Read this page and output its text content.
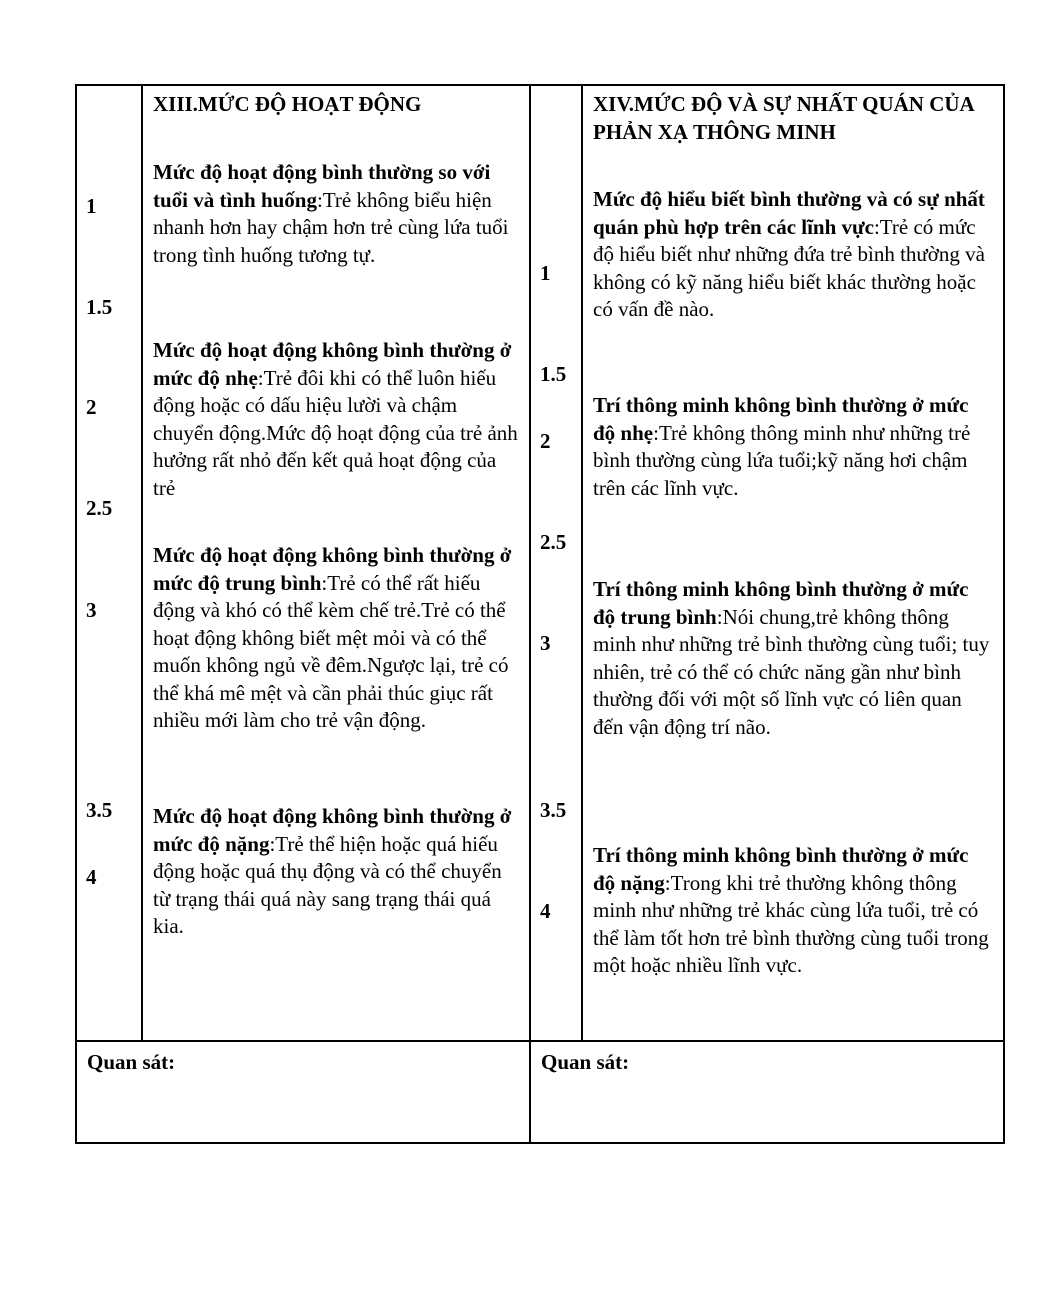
XIII.MỨC ĐỘ HOẠT ĐỘNG
1
1.5
2
2.5
3
3.5
4

Mức độ hoạt động bình thường so với tuổi và tình huống:Trẻ không biểu hiện nhanh hơn hay chậm hơn trẻ cùng lứa tuổi trong tình huống tương tự.

Mức độ hoạt động không bình thường ở mức độ nhẹ:Trẻ đôi khi có thể luôn hiếu động hoặc có dấu hiệu lười và chậm chuyển động.Mức độ hoạt động của trẻ ảnh hưởng rất nhỏ đến kết quả hoạt động của trẻ

Mức độ hoạt động không bình thường ở mức độ trung bình:Trẻ có thể rất hiếu động và khó có thể kèm chế trẻ.Trẻ có thể hoạt động không biết mệt mỏi và có thể muốn không ngủ về đêm.Ngược lại, trẻ có thể khá mê mệt và cần phải thúc giục rất nhiều mới làm cho trẻ vận động.

Mức độ hoạt động không bình thường ở mức độ nặng:Trẻ thể hiện hoặc quá hiếu động hoặc quá thụ động và có thể chuyển từ trạng thái quá này sang trạng thái quá kia.

Quan sát:
XIV.MỨC ĐỘ VÀ SỰ NHẤT QUÁN CỦA PHẢN XẠ THÔNG MINH
1
1.5
2
2.5
3
3.5
4

Mức độ hiểu biết bình thường và có sự nhất quán phù hợp trên các lĩnh vực:Trẻ có mức độ hiểu biết như những đứa trẻ bình thường và không có kỹ năng hiểu biết khác thường hoặc có vấn đề nào.

Trí thông minh không bình thường ở mức độ nhẹ:Trẻ không thông minh như những trẻ bình thường cùng lứa tuổi;kỹ năng hơi chậm trên các lĩnh vực.

Trí thông minh không bình thường ở mức độ trung bình:Nói chung,trẻ không thông minh như những trẻ bình thường cùng tuổi; tuy nhiên, trẻ có thể có chức năng gần như bình thường đối với một số lĩnh vực có liên quan đến vận động trí não.

Trí thông minh không bình thường ở mức độ nặng:Trong khi trẻ thường không thông minh như những trẻ khác cùng lứa tuổi, trẻ có thể làm tốt hơn trẻ bình thường cùng tuổi trong một hoặc nhiều lĩnh vực.

Quan sát:
